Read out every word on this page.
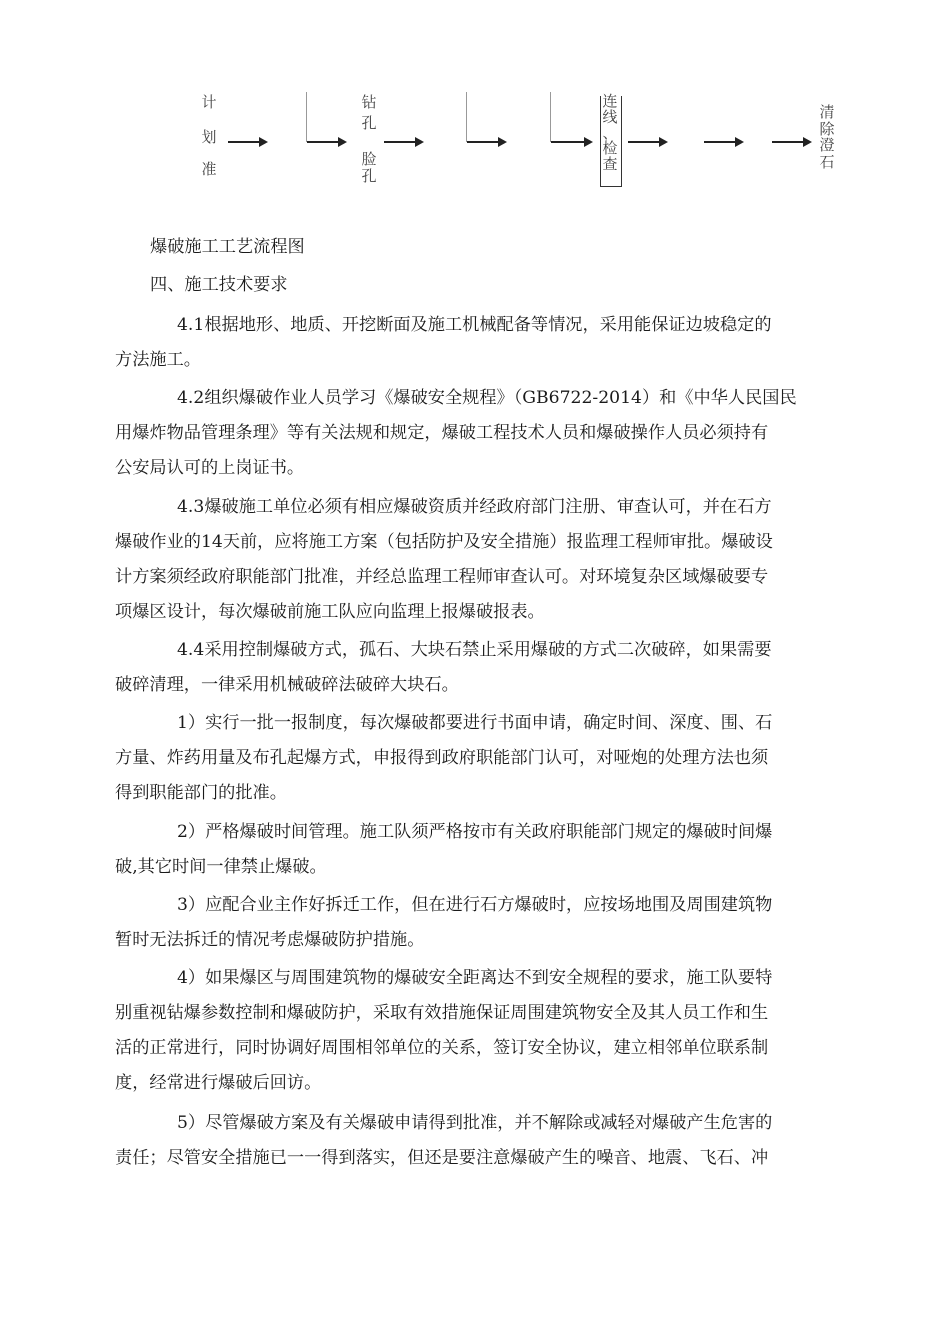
计
划
准
钻
孔
脸
孔
连
线
、
检
查
清
除
澄
石
爆破施工工艺流程图
四、施工技术要求
4.1根据地形、地质、开挖断面及施工机械配备等情况，采用能保证边坡稳定的
方法施工。
4.2组织爆破作业人员学习《爆破安全规程》（GB6722-2014）和《中华人民国民
用爆炸物品管理条理》等有关法规和规定，爆破工程技术人员和爆破操作人员必须持有
公安局认可的上岗证书。
4.3爆破施工单位必须有相应爆破资质并经政府部门注册、审查认可，并在石方
爆破作业的14天前，应将施工方案（包括防护及安全措施）报监理工程师审批。爆破设
计方案须经政府职能部门批准，并经总监理工程师审查认可。对环境复杂区域爆破要专
项爆区设计，每次爆破前施工队应向监理上报爆破报表。
4.4采用控制爆破方式，孤石、大块石禁止采用爆破的方式二次破碎，如果需要
破碎清理，一律采用机械破碎法破碎大块石。
1）实行一批一报制度，每次爆破都要进行书面申请，确定时间、深度、围、石
方量、炸药用量及布孔起爆方式，申报得到政府职能部门认可，对哑炮的处理方法也须
得到职能部门的批准。
2）严格爆破时间管理。施工队须严格按市有关政府职能部门规定的爆破时间爆
破,其它时间一律禁止爆破。
3）应配合业主作好拆迁工作，但在进行石方爆破时，应按场地围及周围建筑物
暂时无法拆迁的情况考虑爆破防护措施。
4）如果爆区与周围建筑物的爆破安全距离达不到安全规程的要求，施工队要特
别重视钻爆参数控制和爆破防护，采取有效措施保证周围建筑物安全及其人员工作和生
活的正常进行，同时协调好周围相邻单位的关系，签订安全协议，建立相邻单位联系制
度，经常进行爆破后回访。
5）尽管爆破方案及有关爆破申请得到批准，并不解除或减轻对爆破产生危害的
责任；尽管安全措施已一一得到落实，但还是要注意爆破产生的噪音、地震、飞石、冲
